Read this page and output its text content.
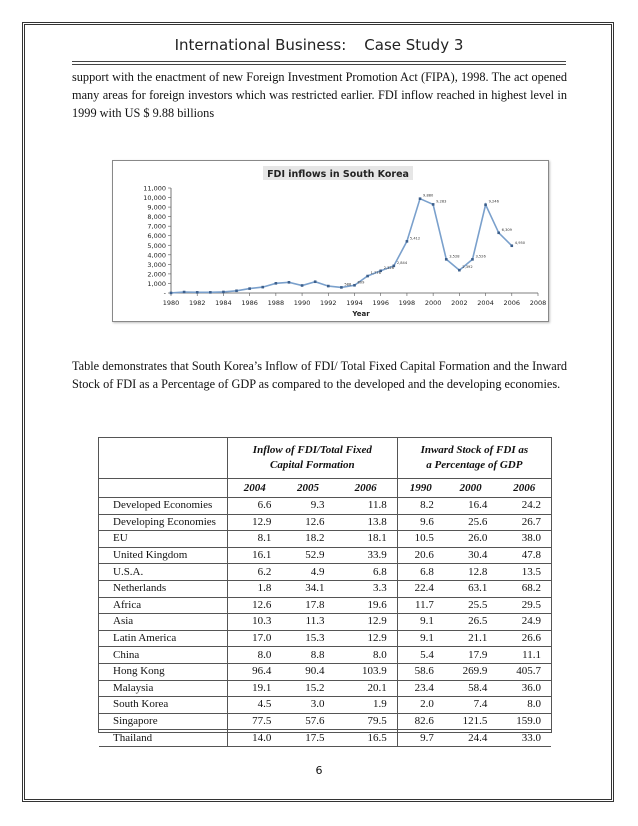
International Business: Case Study 3

support with the enactment of new Foreign Investment Promotion Act (FIPA), 1998. The act opened many areas for foreign investors which was restricted earlier. FDI inflow reached in highest level in 1999 with US $ 9.88 billions

FDI inflows in South Korea
-
1,000
2,000
3,000
4,000
5,000
6,000
7,000
8,000
9,000
10,000
11,000
1980 1982 1984 1986 1988 1990 1992 1994 1996 1998 2000 2002 2004 2006 2008
Year
588
809
1,776
2,326
2,844
5,412
9,880
9,283
3,528
2,392
3,526
9,246
6,309
4,950

Table demonstrates that South Korea’s Inflow of FDI/ Total Fixed Capital Formation and the Inward Stock of FDI as a Percentage of GDP as compared to the developed and the developing economies.

	Inflow of FDI/Total Fixed
Capital Formation			Inward Stock of FDI as
a Percentage of GDP		
	2004	2005	2006	1990	2000	2006
Developed Economies	6.6	9.3	11.8	8.2	16.4	24.2
Developing Economies	12.9	12.6	13.8	9.6	25.6	26.7
EU	8.1	18.2	18.1	10.5	26.0	38.0
United Kingdom	16.1	52.9	33.9	20.6	30.4	47.8
U.S.A.	6.2	4.9	6.8	6.8	12.8	13.5
Netherlands	1.8	34.1	3.3	22.4	63.1	68.2
Africa	12.6	17.8	19.6	11.7	25.5	29.5
Asia	10.3	11.3	12.9	9.1	26.5	24.9
Latin America	17.0	15.3	12.9	9.1	21.1	26.6
China	8.0	8.8	8.0	5.4	17.9	11.1
Hong Kong	96.4	90.4	103.9	58.6	269.9	405.7
Malaysia	19.1	15.2	20.1	23.4	58.4	36.0
South Korea	4.5	3.0	1.9	2.0	7.4	8.0
Singapore	77.5	57.6	79.5	82.6	121.5	159.0
Thailand	14.0	17.5	16.5	9.7	24.4	33.0
6
